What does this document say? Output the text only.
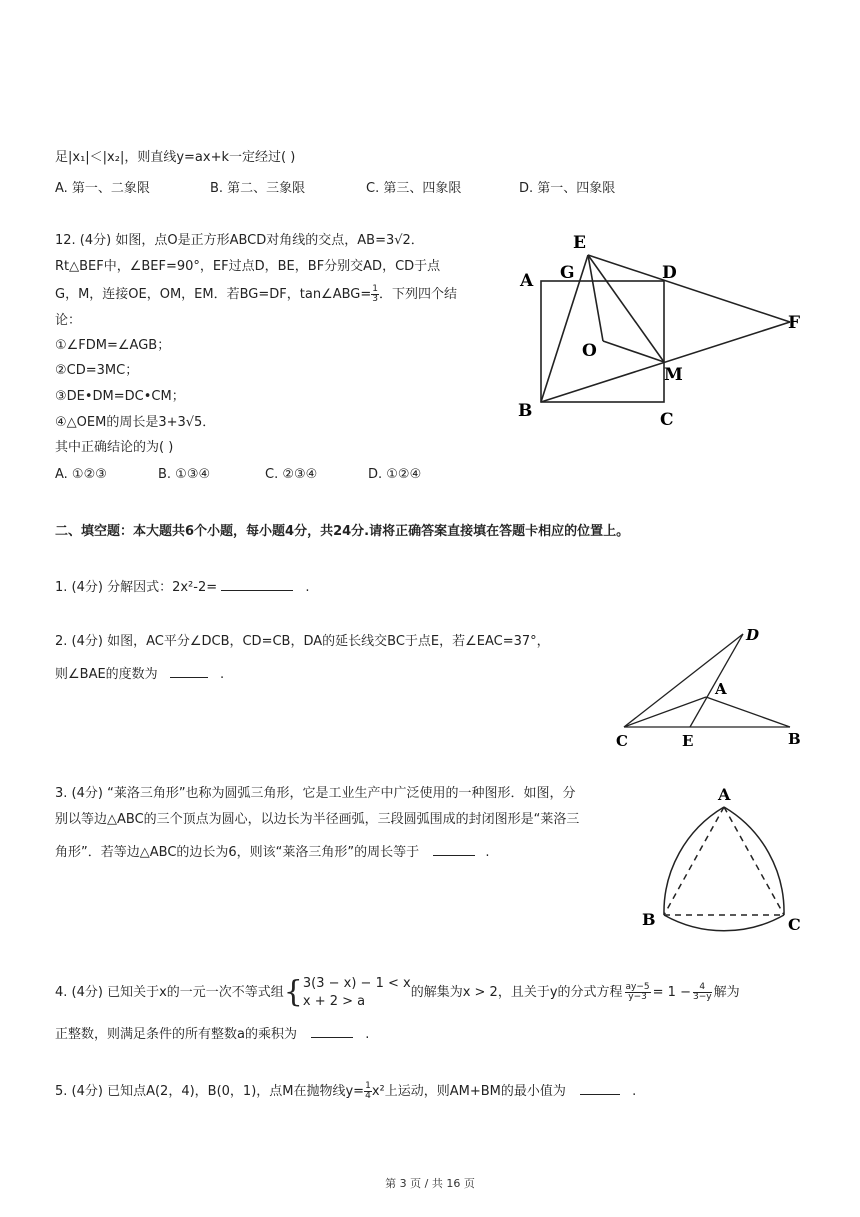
足|x₁|＜|x₂|，则直线y=ax+k一定经过( )
A. 第一、二象限	B. 第二、三象限	C. 第三、四象限	D. 第一、四象限
12. (4分) 如图，点O是正方形ABCD对角线的交点，AB=3√2．
Rt△BEF中，∠BEF=90°，EF过点D，BE，BF分别交AD，CD于点
G，M，连接OE，OM，EM．若BG=DF，tan∠ABG= $\frac{1}{3}$ ．下列四个结
论：
①∠FDM=∠AGB；
②CD=3MC；
③DE•DM=DC•CM；
④△OEM的周长是3+3√5．
其中正确结论的为( )
A. ①②③	B. ①③④	C. ②③④	D. ①②④
E
G	D
A
F
O
M
B	C
二、填空题：本大题共6个小题，每小题4分，共24分.请将正确答案直接填在答题卡相应的位置上。
1. (4分) 分解因式：2x²-2=	.
2. (4分) 如图，AC平分∠DCB，CD=CB，DA的延长线交BC于点E，若∠EAC=37°，
则∠BAE的度数为	.
D
A
C	E	B
3. (4分) “莱洛三角形”也称为圆弧三角形，它是工业生产中广泛使用的一种图形．如图，分
别以等边△ABC的三个顶点为圆心，以边长为半径画弧，三段圆弧围成的封闭图形是“莱洛三
角形”．若等边△ABC的边长为6，则该“莱洛三角形”的周长等于	.
A
B	C
4. (4分) 已知关于x的一元一次不等式组{ 3(3 − x) − 1 < x
x + 2 > a
的解集为x > 2，且关于y的分式方程 $\frac{ay-5}{y-3} = 1 - \frac{4}{3-y}$ 解为
正整数，则满足条件的所有整数a的乘积为	.
5. (4分) 已知点A(2，4)，B(0，1)，点M在抛物线$y= \frac{1}{4} x^2$上运动，则AM+BM的最小值为	.
第 3 页 / 共 16 页
